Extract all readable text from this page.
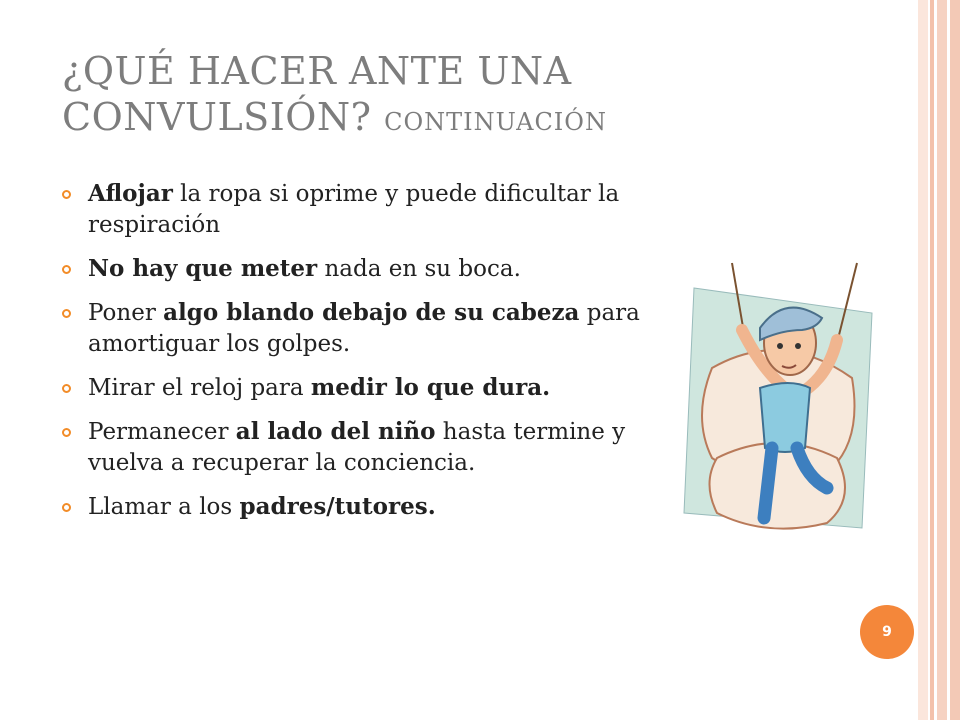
¿QUÉ HACER ANTE UNA CONVULSIÓN? CONTINUACIÓN
Aflojar la ropa si oprime y puede dificultar la respiración
No hay que meter nada en su boca.
Poner algo blando debajo de su cabeza para amortiguar los golpes.
Mirar el reloj para medir lo que dura.
Permanecer al lado del niño hasta termine y vuelva a recuperar la conciencia.
Llamar a los padres/tutores.
9
